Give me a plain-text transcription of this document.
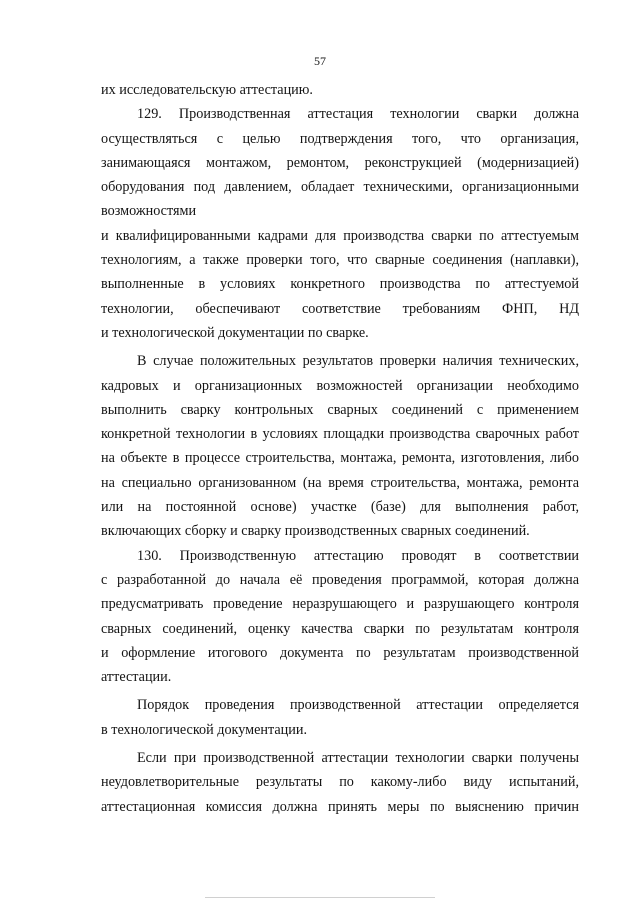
57
их исследовательскую аттестацию.
129. Производственная аттестация технологии сварки должна
осуществляться с целью подтверждения того, что организация,
занимающаяся монтажом, ремонтом, реконструкцией (модернизацией)
оборудования под давлением, обладает техническими, организационными
возможностями
и квалифицированными кадрами для производства сварки по аттестуемым
технологиям, а также проверки того, что сварные соединения (наплавки),
выполненные в условиях конкретного производства по аттестуемой
технологии, обеспечивают соответствие требованиям ФНП, НД
и технологической документации по сварке.
В случае положительных результатов проверки наличия технических,
кадровых и организационных возможностей организации необходимо
выполнить сварку контрольных сварных соединений с применением
конкретной технологии в условиях площадки производства сварочных работ
на объекте в процессе строительства, монтажа, ремонта, изготовления, либо
на специально организованном (на время строительства, монтажа, ремонта
или на постоянной основе) участке (базе) для выполнения работ,
включающих сборку и сварку производственных сварных соединений.
130. Производственную аттестацию проводят в соответствии
с разработанной до начала её проведения программой, которая должна
предусматривать проведение неразрушающего и разрушающего контроля
сварных соединений, оценку качества сварки по результатам контроля
и оформление итогового документа по результатам производственной
аттестации.
Порядок проведения производственной аттестации определяется
в технологической документации.
Если при производственной аттестации технологии сварки получены
неудовлетворительные результаты по какому-либо виду испытаний,
аттестационная комиссия должна принять меры по выяснению причин
